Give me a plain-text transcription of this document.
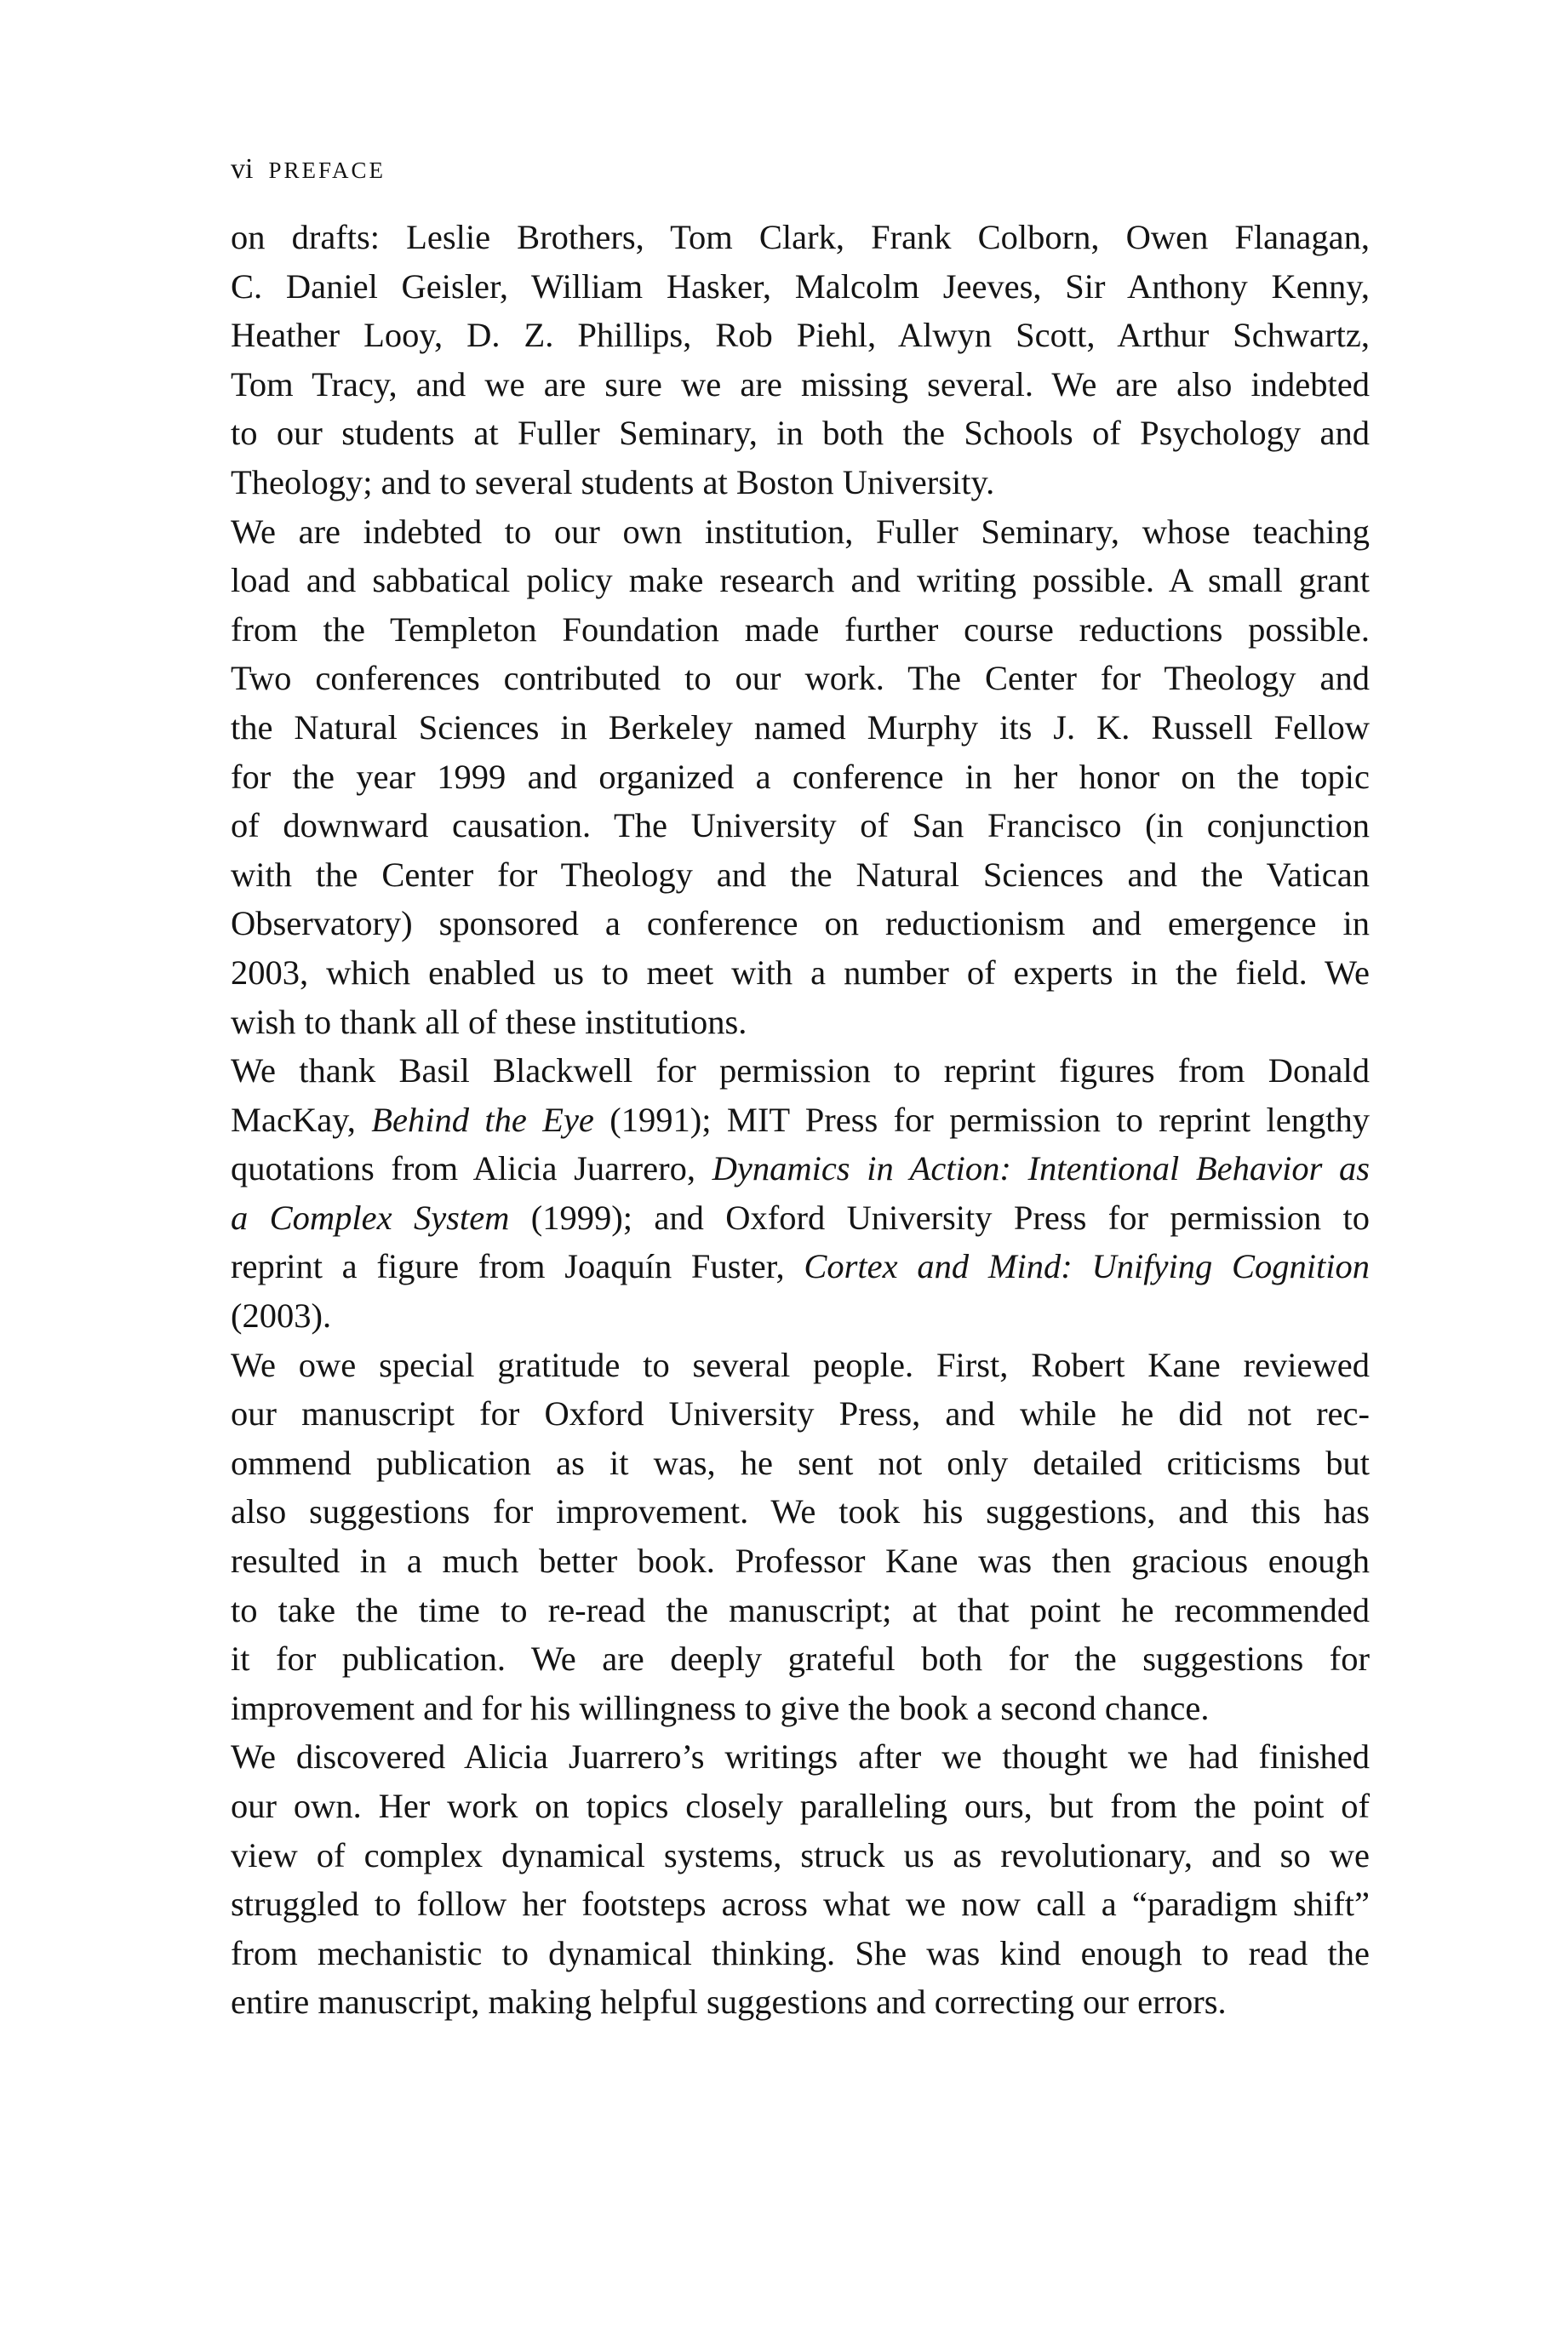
vi PREFACE
on drafts: Leslie Brothers, Tom Clark, Frank Colborn, Owen Flanagan,
C. Daniel Geisler, William Hasker, Malcolm Jeeves, Sir Anthony Kenny,
Heather Looy, D. Z. Phillips, Rob Piehl, Alwyn Scott, Arthur Schwartz,
Tom Tracy, and we are sure we are missing several. We are also indebted
to our students at Fuller Seminary, in both the Schools of Psychology and
Theology; and to several students at Boston University.
We are indebted to our own institution, Fuller Seminary, whose teaching
load and sabbatical policy make research and writing possible. A small grant
from the Templeton Foundation made further course reductions possible.
Two conferences contributed to our work. The Center for Theology and
the Natural Sciences in Berkeley named Murphy its J. K. Russell Fellow
for the year 1999 and organized a conference in her honor on the topic
of downward causation. The University of San Francisco (in conjunction
with the Center for Theology and the Natural Sciences and the Vatican
Observatory) sponsored a conference on reductionism and emergence in
2003, which enabled us to meet with a number of experts in the field. We
wish to thank all of these institutions.
We thank Basil Blackwell for permission to reprint figures from Donald
MacKay, Behind the Eye (1991); MIT Press for permission to reprint lengthy
quotations from Alicia Juarrero, Dynamics in Action: Intentional Behavior as
a Complex System (1999); and Oxford University Press for permission to
reprint a figure from Joaquín Fuster, Cortex and Mind: Unifying Cognition
(2003).
We owe special gratitude to several people. First, Robert Kane reviewed
our manuscript for Oxford University Press, and while he did not rec-
ommend publication as it was, he sent not only detailed criticisms but
also suggestions for improvement. We took his suggestions, and this has
resulted in a much better book. Professor Kane was then gracious enough
to take the time to re-read the manuscript; at that point he recommended
it for publication. We are deeply grateful both for the suggestions for
improvement and for his willingness to give the book a second chance.
We discovered Alicia Juarrero’s writings after we thought we had finished
our own. Her work on topics closely paralleling ours, but from the point of
view of complex dynamical systems, struck us as revolutionary, and so we
struggled to follow her footsteps across what we now call a “paradigm shift”
from mechanistic to dynamical thinking. She was kind enough to read the
entire manuscript, making helpful suggestions and correcting our errors.
